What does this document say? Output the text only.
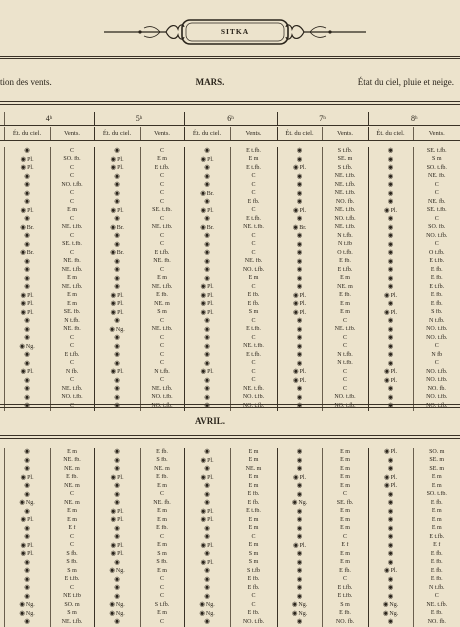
SITKA
tion des vents.	MARS.	État du ciel, pluie et neige.
	4ʰ	5ʰ	6ʰ	7ʰ	8ʰ
	Ét. du ciel.	Vents.	Ét. du ciel.	Vents.	Ét. du ciel.	Vents.	Ét. du ciel.	Vents.	Ét. du ciel.	Vents.
	◉	C	◉	C	◉	E t.fb.	◉	S t.fb.	◉	SE. t.fb.
	◉Pl.	SO. fb.	◉Pl.	E m	◉Pl.	E m	◉	SE. m	◉	S m
	◉Pl.	C	◉Pl.	E t.fb.	◉	E t.fb.	◉Pl.	S t.fb.	◉	SO. t.fb.
	◉	C	◉	C	◉	C	◉	NE. t.fb.	◉	NE. fb.
	◉	NO. t.fb.	◉	C	◉	C	◉	NE. t.fb.	◉	C
	◉	C	◉	C	◉Br.	C	◉	NE. t.fb.	◉	C
	◉	C	◉	C	◉	E fb.	◉	NO. fb.	◉	NE. fb.
	◉Pl.	E m	◉Pl.	SE. t.fb.	◉Pl.	C	◉Pl.	NE. t.fb.	◉Pl.	SE. t.fb.
	◉	C	◉	C	◉	E t.fb.	◉	NO. t.fb.	◉	C
	◉Br.	NE. t.fb.	◉Br.	NE. t.fb.	◉Br.	NE. t.fb.	◉Br.	NE. t.fb.	◉	SO. fb.
	◉	C	◉	C	◉	C	◉	N t.fb.	◉	NO. t.fb.
	◉	SE. t.fb.	◉	C	◉	C	◉	N t.fb	◉	C
	◉Br.	C	◉Br.	E t.fb.	◉	C	◉	O t.fb.	◉	O t.fb.
	◉	NE. fb.	◉	NE. fb.	◉	NE. fb.	◉	E fb.	◉	E t.fb.
	◉	NE. t.fb.	◉	C	◉	NO. t.fb.	◉	E t.fb.	◉	E fb.
	◉	E m	◉	E m	◉	E m	◉	E m	◉	E fb.
	◉	NE. t.fb.	◉	NE. t.fb.	◉Pl.	C	◉	NE. m	◉	E t.fb.
	◉Pl.	E m	◉Pl.	E fb.	◉Pl.	E fb.	◉Pl.	E fb.	◉Pl.	E fb.
	◉Pl.	E m	◉Pl.	NE. m	◉Pl.	E fb.	◉Pl.	E m	◉	E fb.
	◉Pl.	SE. fb.	◉Pl.	S m	◉Pl.	S m	◉Pl.	E m	◉Pl.	S fb.
	◉	N t.fb.	◉	C	◉	C	◉	C	◉	N t.fb.
	◉	NE. fb.	◉Ng.	NE. t.fb.	◉	E t.fb.	◉	NE. t.fb.	◉	NO. t.fb.
	◉	C	◉	C	◉	C	◉	C	◉	NO. t.fb.
	◉Ng.	C	◉	C	◉	NE. t.fb.	◉	C	◉	C
	◉	E t.fb.	◉	C	◉	E t.fb.	◉	N t.fb.	◉	N fb
	◉	C	◉	C	◉	C	◉	N t.fb.	◉	C
	◉Pl.	N fb.	◉Pl.	N t.fb.	◉Pl.	C	◉Pl.	C	◉Pl.	NO. t.fb.
	◉	C	◉	C	◉	C	◉Pl.	C	◉Pl.	NO. t.fb.
	◉	NE. t.fb.	◉	NE. t.fb.	◉	NE. t.fb.	◉	C	◉	NO. fb.
	◉	NO. t.fb.	◉	NO. t.fb.	◉	NO. t.fb.	◉	NO. t.fb.	◉	NO. t.fb.
	◉	C	◉	NO. t.fb.	◉	NO. t.fb.	◉	NO. t.fb.	◉	NO. t.fb.
AVRIL.
	◉	E m	◉	E fb.	◉	E m	◉	E m	◉Pl.	SO. m
	◉	NE. fb.	◉	S fb.	◉Pl.	E m	◉	E m	◉	SE. m
	◉	NE. m	◉	NE. m	◉	NE. m	◉	E m	◉	SE. m
	◉Pl.	E fb.	◉Pl.	E fb.	◉Pl.	E m	◉Pl.	E m	◉Pl.	E m
	◉	NE. m	◉	E m	◉	E m	◉	E m	◉Pl.	E m
	◉	C	◉	C	◉	E fb.	◉	C	◉	SO. t.fb.
	◉Ng.	NE. m	◉	NE. fb.	◉	E fb.	◉Ng.	SE. fb.	◉	E fb.
	◉	E m	◉Pl.	E m	◉Pl.	E t.fb.	◉	E m	◉	E m
	◉Pl.	E m	◉Pl.	E m	◉Pl.	E m	◉	E m	◉	E m
	◉	E f	◉	E fb.	◉	E m	◉	E m	◉	E m
	◉	C	◉	C	◉	C	◉	C	◉	E t.fb.
	◉Pl.	C	◉Pl.	E m	◉Pl.	E m	◉Pl.	E f	◉	E f
	◉Pl.	S fb.	◉Pl.	S m	◉	S m	◉	E m	◉	E fb.
	◉	S fb.	◉	S fb.	◉Pl.	S m	◉	E m	◉	E fb.
	◉	S m	◉Ng.	E m	◉	S t.fb	◉	E fb.	◉Pl.	E fb.
	◉	E t.fb.	◉	C	◉	E fb.	◉	C	◉	E fb.
	◉	C	◉	C	◉	E fb.	◉	E t.fb.	◉	N t.fb.
	◉	NE t.fb	◉	C	◉	C	◉	E t.fb.	◉	C
	◉Ng.	SO. m	◉Ng.	S t.fb.	◉Ng.	C	◉Ng.	S m	◉Ng.	NE. t.fb.
	◉Ng.	S m	◉Ng.	E m	◉Ng.	E fb.	◉Ng.	E fb.	◉Ng.	E fb.
	◉	NE. t.fb.	◉	C	◉	NO. t.fb.	◉	NO. fb.	◉	NO. fb.
